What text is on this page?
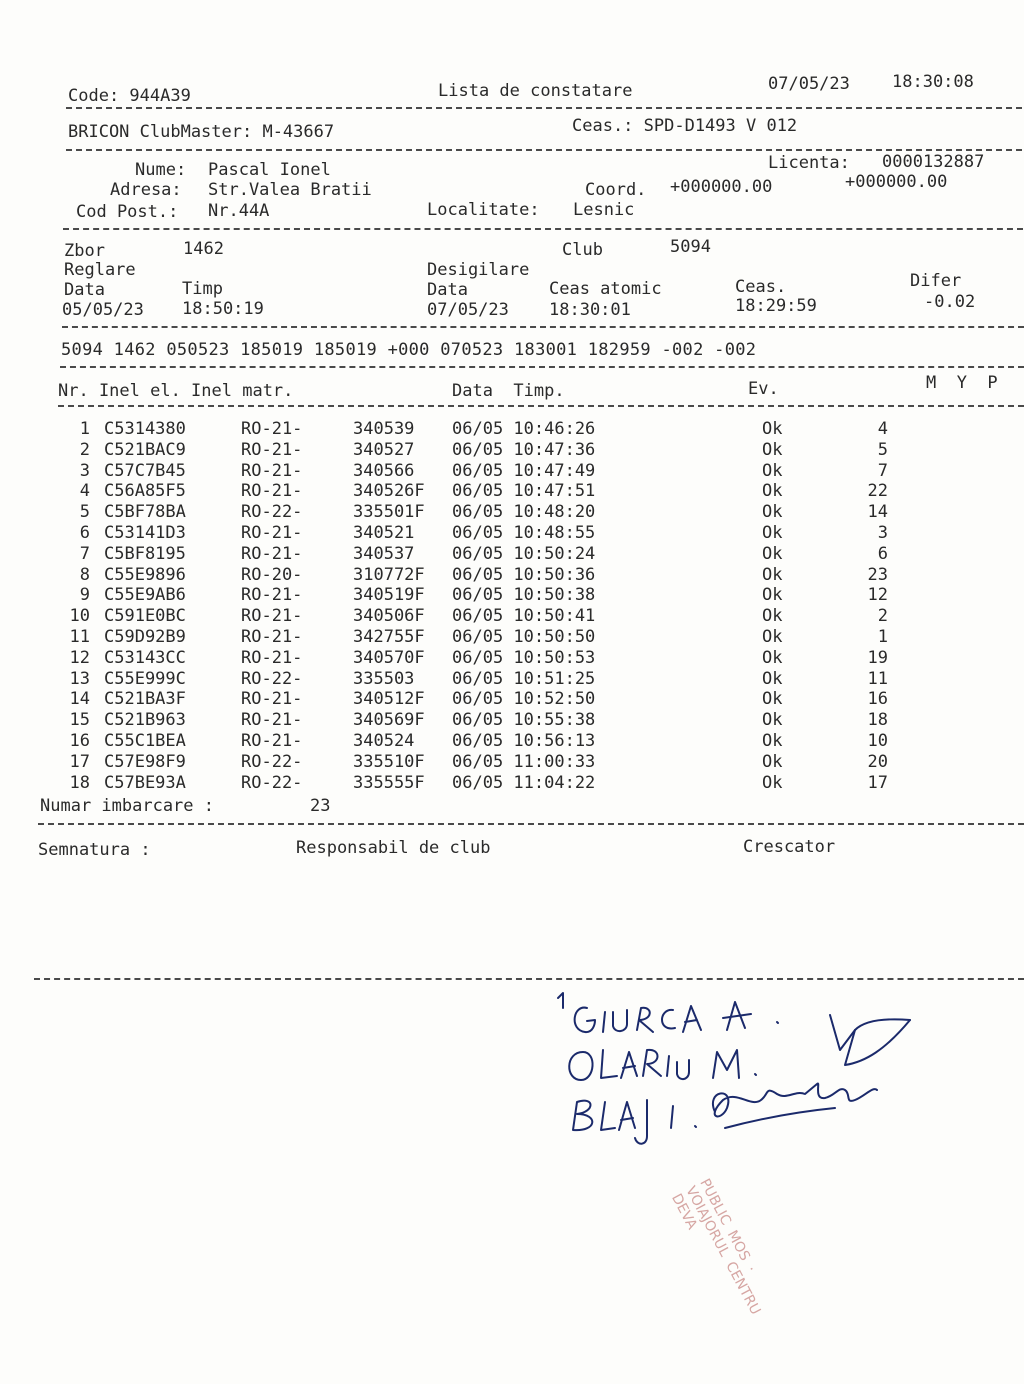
Code: 944A39	Lista de constatare	07/05/23 18:30:08
BRICON ClubMaster: M-43667	Ceas.: SPD-D1493 V 012
Nume: Pascal Ionel
Adresa: Str.Valea Bratii
Cod Post.: Nr.44A
Licenta: 0000132887
Coord. +000000.00	+000000.00
Localitate: Lesnic
Zbor	1462	Club	5094
Reglare	Desigilare
Data	Timp	Data	Ceas atomic	Ceas.	Difer
05/05/23 18:50:19	07/05/23 18:30:01	18:29:59	-0.02
5094 1462 050523 185019 185019 +000 070523 183001 182959 -002 -002
Nr. Inel el. Inel matr.	Data  Timp.	Ev.	M  Y  P
1 C5314380	RO-21-	340539 06/05 10:46:26	Ok	4
2 C521BAC9	RO-21-	340527 06/05 10:47:36	Ok	5
3 C57C7B45	RO-21-	340566 06/05 10:47:49	Ok	7
4 C56A85F5	RO-21-	340526F 06/05 10:47:51	Ok	22
5 C5BF78BA	RO-22-	335501F 06/05 10:48:20	Ok	14
6 C53141D3	RO-21-	340521 06/05 10:48:55	Ok	3
7 C5BF8195	RO-21-	340537 06/05 10:50:24	Ok	6
8 C55E9896	RO-20-	310772F 06/05 10:50:36	Ok	23
9 C55E9AB6	RO-21-	340519F 06/05 10:50:38	Ok	12
10 C591E0BC	RO-21-	340506F 06/05 10:50:41	Ok	2
11 C59D92B9	RO-21-	342755F 06/05 10:50:50	Ok	1
12 C53143CC	RO-21-	340570F 06/05 10:50:53	Ok	19
13 C55E999C	RO-22-	335503 06/05 10:51:25	Ok	11
14 C521BA3F	RO-21-	340512F 06/05 10:52:50	Ok	16
15 C521B963	RO-21-	340569F 06/05 10:55:38	Ok	18
16 C55C1BEA	RO-21-	340524 06/05 10:56:13	Ok	10
17 C57E98F9	RO-22-	335510F 06/05 11:00:33	Ok	20
18 C57BE93A	RO-22-	335555F 06/05 11:04:22	Ok	17
Numar imbarcare :	23
Semnatura :	Responsabil de club	Crescator
PUBLIC MOS · VOIAJORUL CENTRU DEVA
